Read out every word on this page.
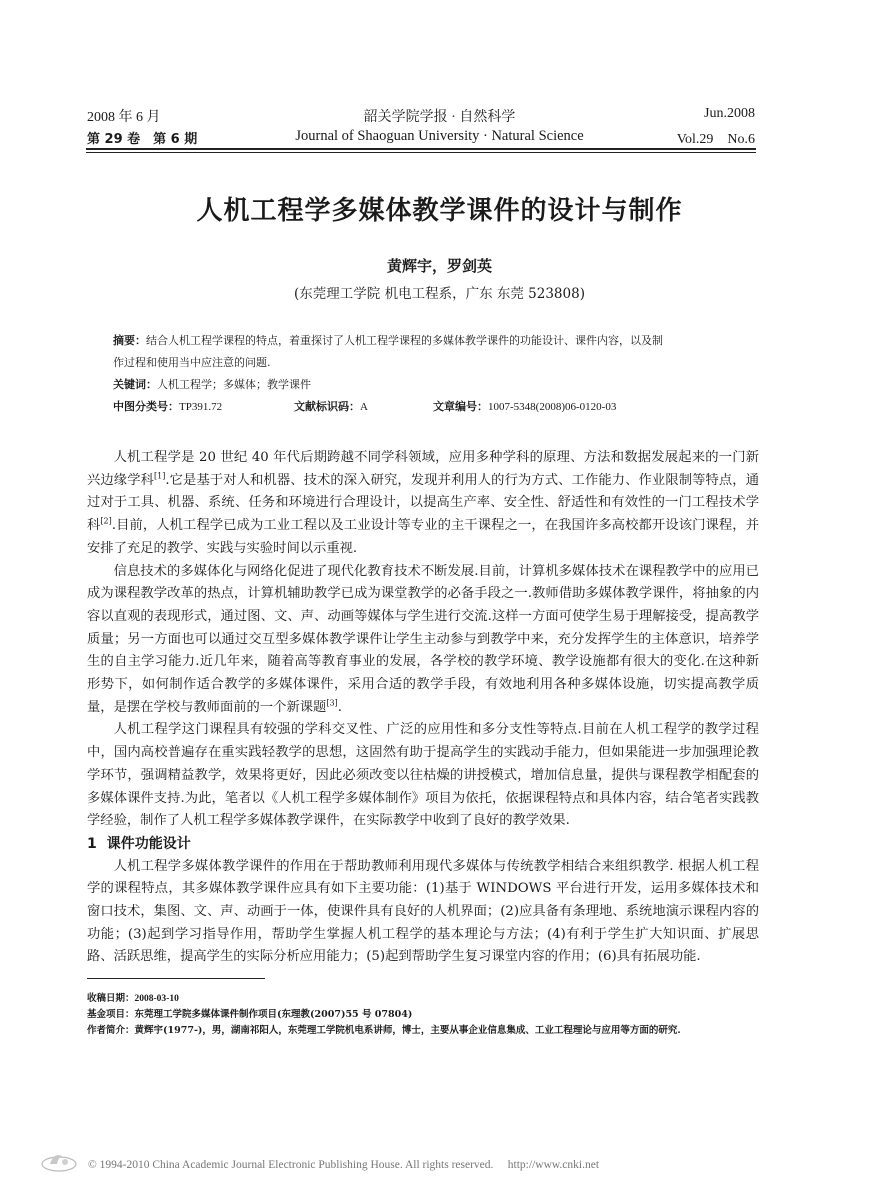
2008 年 6 月
第 29 卷　第 6 期
韶关学院学报 · 自然科学
Journal of Shaoguan University · Natural Science
Jun.2008
Vol.29　No.6
人机工程学多媒体教学课件的设计与制作
黄辉宇，罗剑英
(东莞理工学院 机电工程系，广东 东莞 523808)
摘要：结合人机工程学课程的特点，着重探讨了人机工程学课程的多媒体教学课件的功能设计、课件内容，以及制
作过程和使用当中应注意的问题.
关键词：人机工程学；多媒体；教学课件
中图分类号：TP391.72	文献标识码：A	文章编号：1007-5348(2008)06-0120-03

人机工程学是 20 世纪 40 年代后期跨越不同学科领域，应用多种学科的原理、方法和数据发展起来的一门新兴边缘学科[1].它是基于对人和机器、技术的深入研究，发现并利用人的行为方式、工作能力、作业限制等特点，通过对于工具、机器、系统、任务和环境进行合理设计，以提高生产率、安全性、舒适性和有效性的一门工程技术学科[2].目前，人机工程学已成为工业工程以及工业设计等专业的主干课程之一，在我国许多高校都开设该门课程，并安排了充足的教学、实践与实验时间以示重视.

信息技术的多媒体化与网络化促进了现代化教育技术不断发展.目前，计算机多媒体技术在课程教学中的应用已成为课程教学改革的热点，计算机辅助教学已成为课堂教学的必备手段之一.教师借助多媒体教学课件，将抽象的内容以直观的表现形式，通过图、文、声、动画等媒体与学生进行交流.这样一方面可使学生易于理解接受，提高教学质量；另一方面也可以通过交互型多媒体教学课件让学生主动参与到教学中来，充分发挥学生的主体意识，培养学生的自主学习能力.近几年来，随着高等教育事业的发展，各学校的教学环境、教学设施都有很大的变化.在这种新形势下，如何制作适合教学的多媒体课件，采用合适的教学手段，有效地利用各种多媒体设施，切实提高教学质量，是摆在学校与教师面前的一个新课题[3].

人机工程学这门课程具有较强的学科交叉性、广泛的应用性和多分支性等特点.目前在人机工程学的教学过程中，国内高校普遍存在重实践轻教学的思想，这固然有助于提高学生的实践动手能力，但如果能进一步加强理论教学环节，强调精益教学，效果将更好，因此必须改变以往枯燥的讲授模式，增加信息量，提供与课程教学相配套的多媒体课件支持.为此，笔者以《人机工程学多媒体制作》项目为依托，依据课程特点和具体内容，结合笔者实践教学经验，制作了人机工程学多媒体教学课件，在实际教学中收到了良好的教学效果.

1 课件功能设计

人机工程学多媒体教学课件的作用在于帮助教师利用现代多媒体与传统教学相结合来组织教学. 根据人机工程学的课程特点，其多媒体教学课件应具有如下主要功能：(1)基于 WINDOWS 平台进行开发，运用多媒体技术和窗口技术，集图、文、声、动画于一体，使课件具有良好的人机界面；(2)应具备有条理地、系统地演示课程内容的功能；(3)起到学习指导作用，帮助学生掌握人机工程学的基本理论与方法；(4)有利于学生扩大知识面、扩展思路、活跃思维，提高学生的实际分析应用能力；(5)起到帮助学生复习课堂内容的作用；(6)具有拓展功能.

收稿日期：2008-03-10
基金项目：东莞理工学院多媒体课件制作项目(东理教(2007)55 号 07804)
作者简介：黄辉宇(1977-)，男，湖南祁阳人，东莞理工学院机电系讲师，博士，主要从事企业信息集成、工业工程理论与应用等方面的研究.
© 1994-2010 China Academic Journal Electronic Publishing House. All rights reserved.　 http://www.cnki.net
